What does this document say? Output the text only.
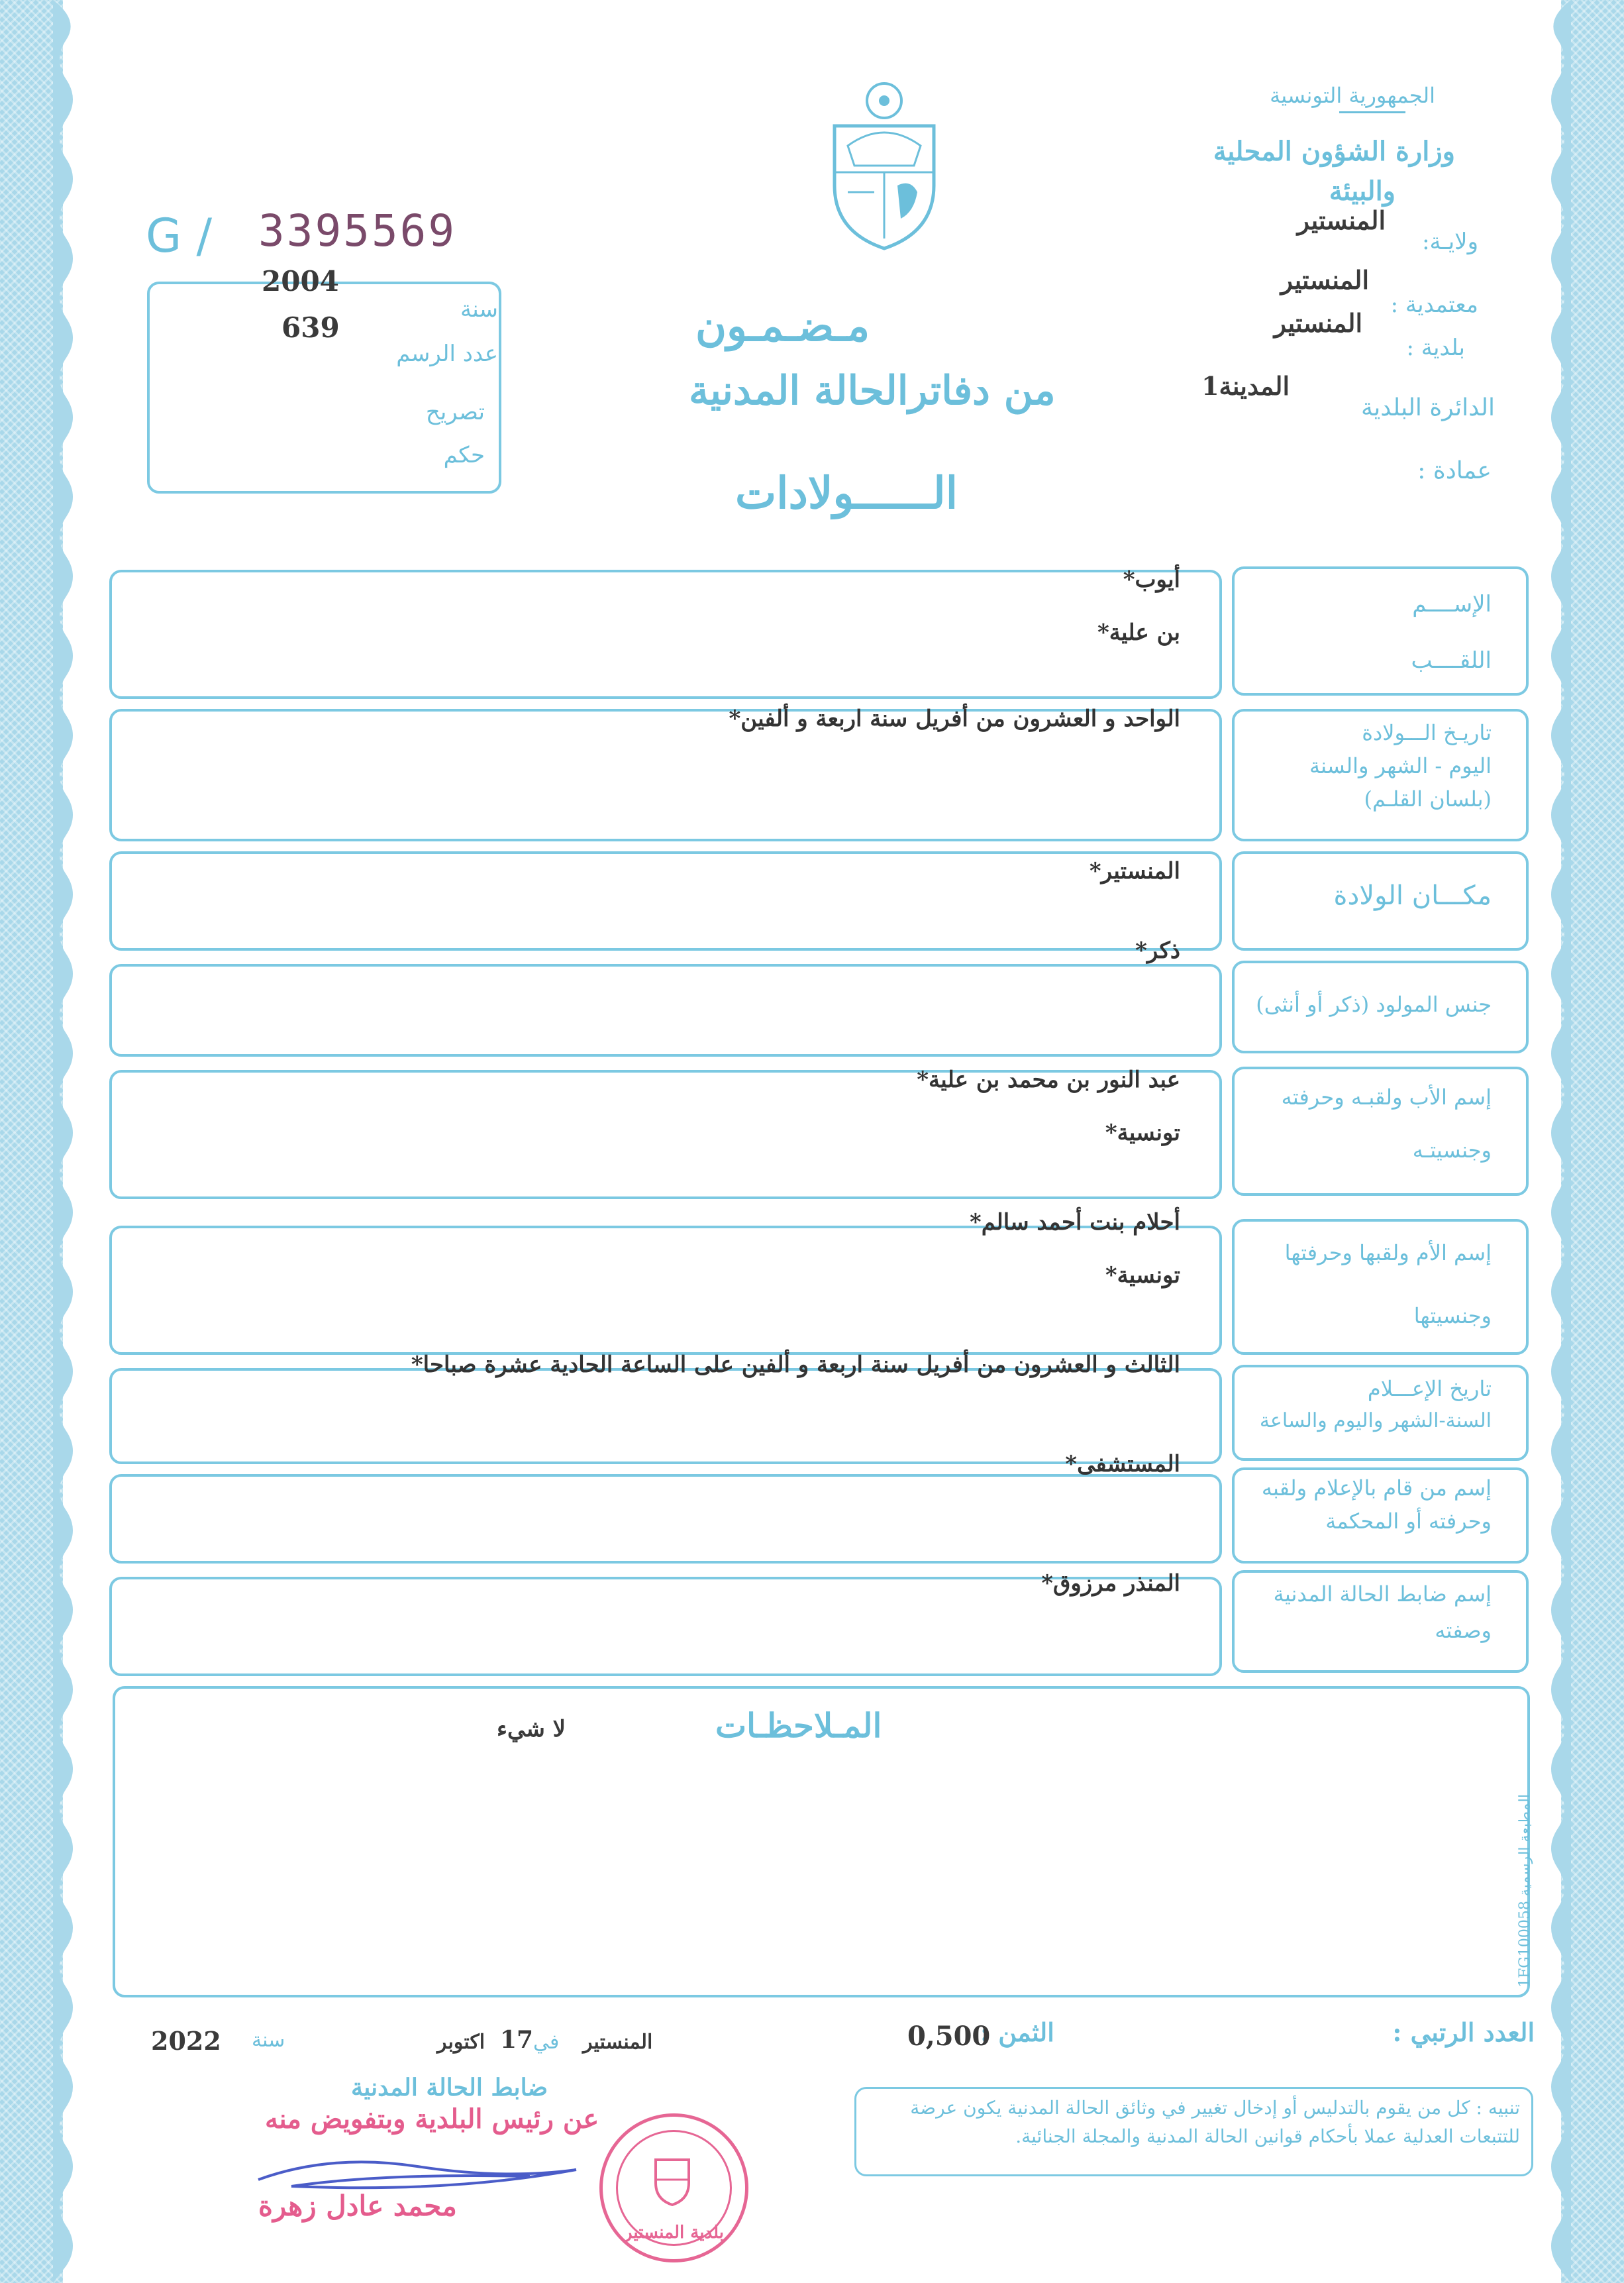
الجمهورية التونسية
وزارة الشؤون المحلية
والبيئة
ولايـة:
المنستير
معتمدية :
المنستير
بلدية :
المنستير
الدائرة البلدية
المدينة1
عمادة :
G / 3395569
2004
639
سنة
عدد الرسم
تصريح
حكم
مـضـمـون
من دفاترالحالة المدنية
الــــــولادات
الإســــم
اللقــــب
أيوب*
بن علية*
تاريـخ الـــولادة
اليوم - الشهر والسنة
(بلسان القلـم)
الواحد و العشرون من أفريل سنة اربعة و ألفين*
مكـــان الولادة
المنستير*
جنس المولود (ذكر أو أنثى)
ذكر*
إسم الأب ولقبـه وحرفته
وجنسيتـه
عبد النور بن محمد بن علية*
تونسية*
إسم الأم ولقبها وحرفتها
وجنسيتها
أحلام بنت أحمد سالم*
تونسية*
تاريخ الإعـــلام
السنة-الشهر واليوم والساعة
الثالث و العشرون من أفريل سنة اربعة و ألفين على الساعة الحادية عشرة صباحا*
إسم من قام بالإعلام ولقبه
وحرفته أو المحكمة
المستشفى*
إسم ضابط الحالة المدنية
وصفته
المنذر مرزوق*
المـلاحظـات
لا شيء
المطبعة الرسمية 1FG100058
العدد الرتبي :
الثمن :
0,500
المنستير
في
17
اكتوبر
سنة
2022
ضابط الحالة المدنية
عن رئيس البلدية وبتفويض منه
محمد عادل زهرة
بلدية المنستير
تنبيه : كل من يقوم بالتدليس أو إدخال تغيير في وثائق الحالة المدنية يكون عرضة للتتبعات العدلية عملا بأحكام قوانين الحالة المدنية والمجلة الجنائية.
